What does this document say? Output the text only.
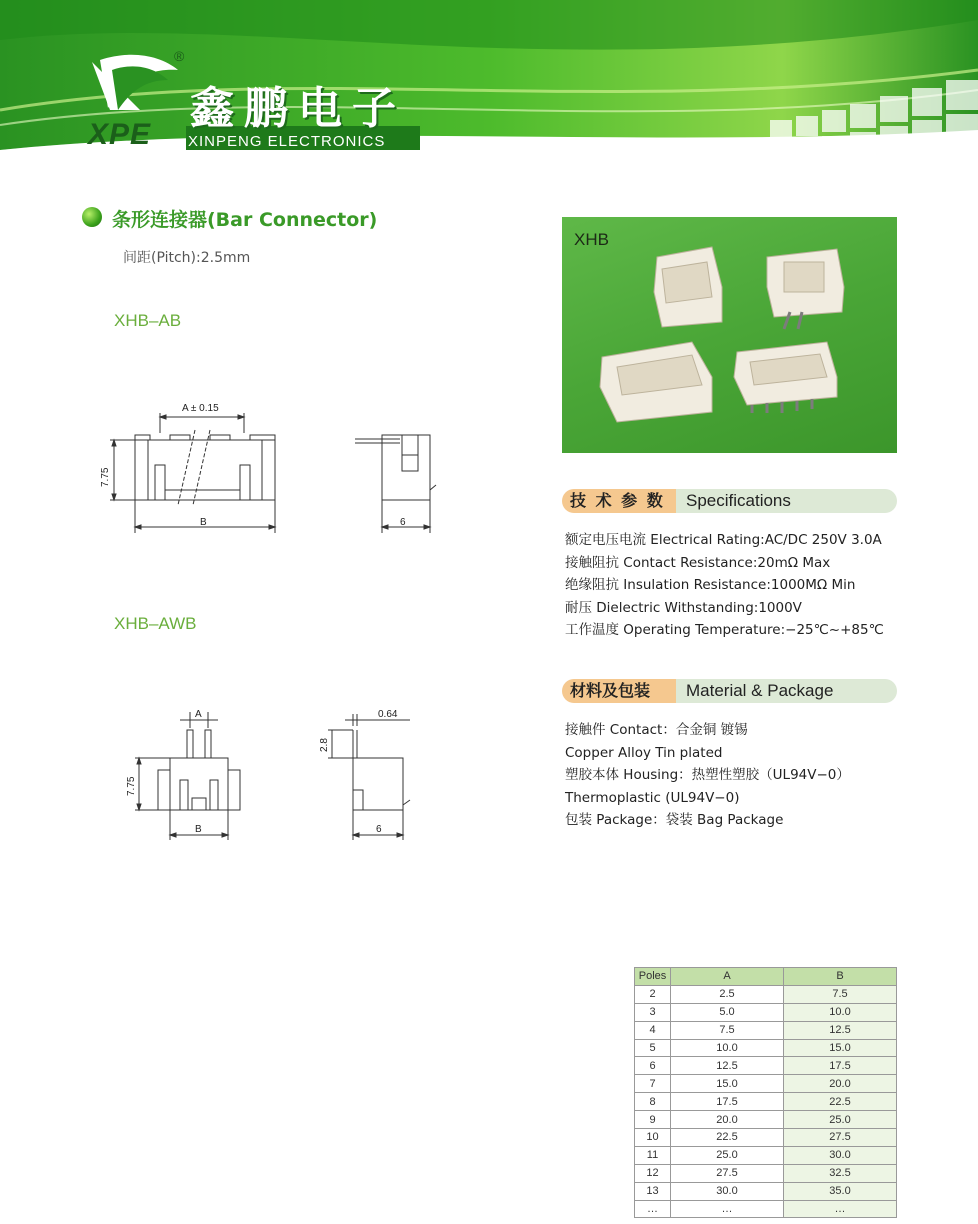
®
XPE
鑫鹏电子
XINPENG ELECTRONICS
条形连接器(Bar Connector)
间距(Pitch):2.5mm
XHB–AB
A ± 0.15
B
7.75
6
XHB–AWB
A
B
7.75
0.64
2.8
6
XHB
技 术 参 数	Specifications
额定电压电流 Electrical Rating:AC/DC 250V 3.0A
接触阻抗 Contact Resistance:20mΩ Max
绝缘阻抗 Insulation Resistance:1000MΩ Min
耐压 Dielectric Withstanding:1000V
工作温度 Operating Temperature:−25℃~+85℃
材料及包装	Material & Package
接触件 Contact：合金铜 镀锡
Copper Alloy Tin plated
塑胶本体 Housing：热塑性塑胶（UL94V−0）
Thermoplastic (UL94V−0)
包装 Package：袋装 Bag Package
Poles	A	B
2	2.5	7.5
3	5.0	10.0
4	7.5	12.5
5	10.0	15.0
6	12.5	17.5
7	15.0	20.0
8	17.5	22.5
9	20.0	25.0
10	22.5	27.5
11	25.0	30.0
12	27.5	32.5
13	30.0	35.0
…	…	…
